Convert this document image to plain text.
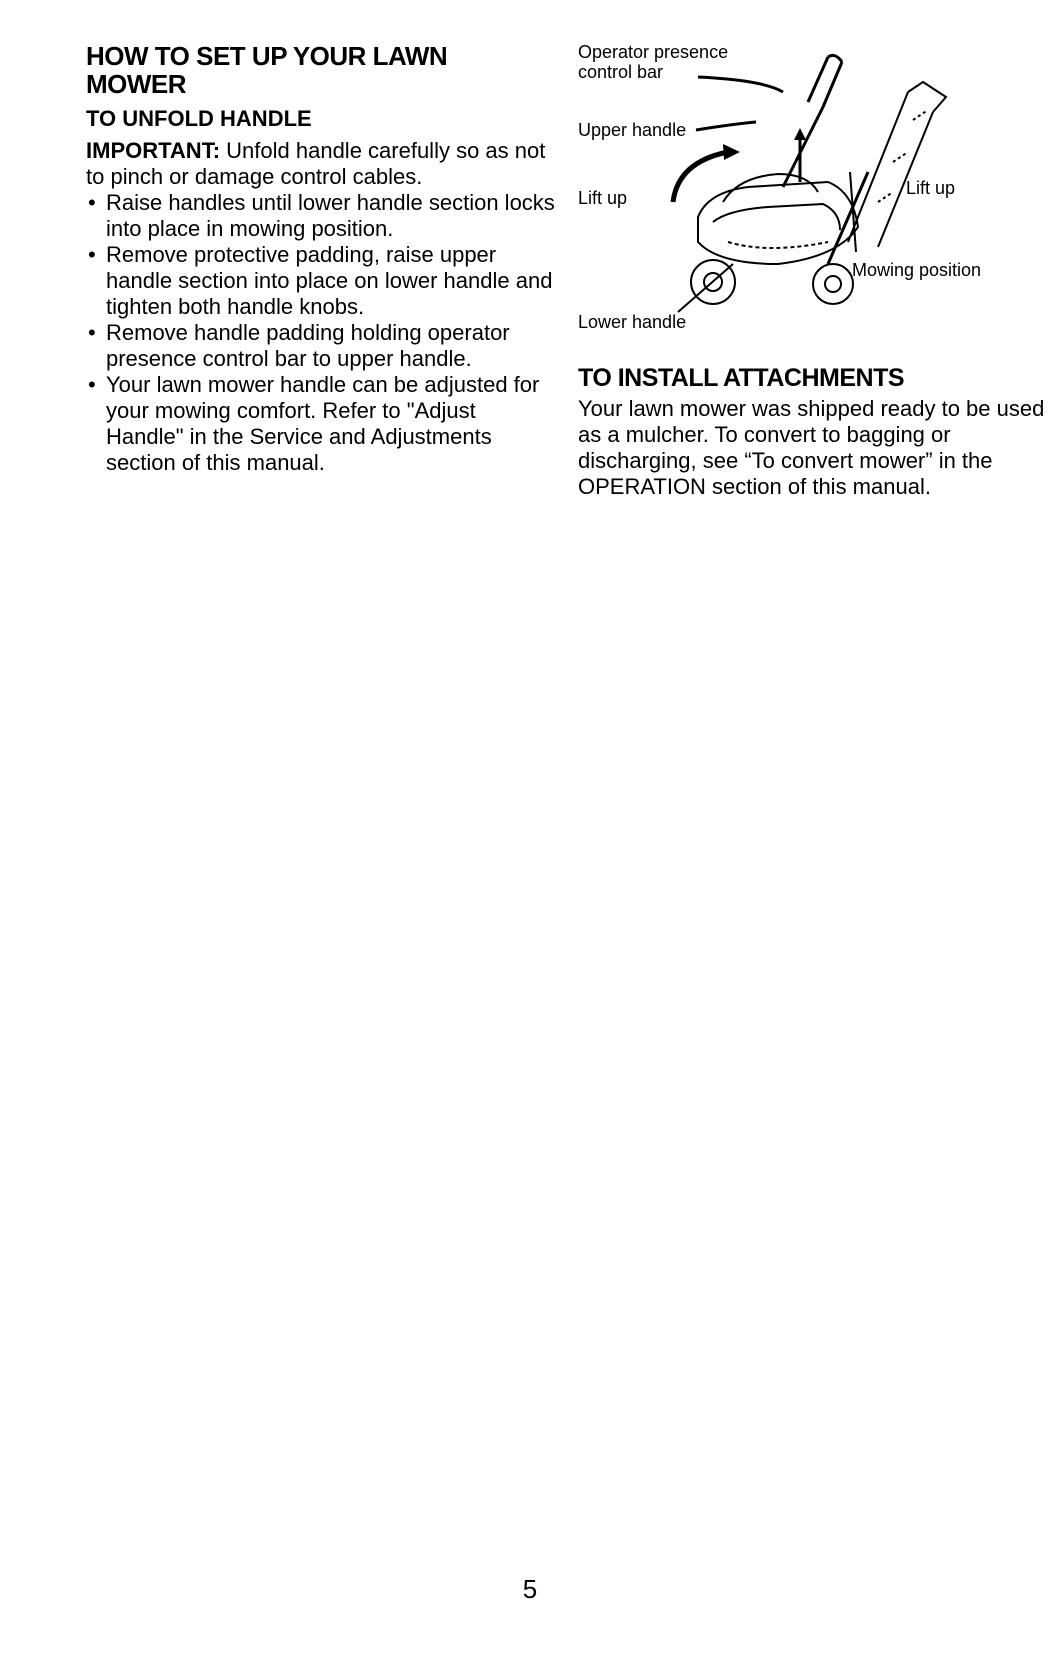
HOW TO SET UP YOUR LAWN MOWER
TO UNFOLD HANDLE

IMPORTANT: Unfold handle carefully so as not to pinch or damage control cables.

• Raise handles until lower handle section locks into place in mowing position.
• Remove protective padding, raise upper handle section into place on lower handle and tighten both handle knobs.
• Remove handle padding holding operator presence control bar to upper handle.
• Your lawn mower handle can be adjusted for your mowing comfort. Refer to "Adjust Handle" in the Service and Adjustments section of this manual.
Operator presence control bar
Upper handle
Lift up	Lift up
Mowing position
Lower handle
TO INSTALL ATTACHMENTS

Your lawn mower was shipped ready to be used as a mulcher. To convert to bagging or discharging, see “To convert mower” in the OPERATION section of this manual.

5
